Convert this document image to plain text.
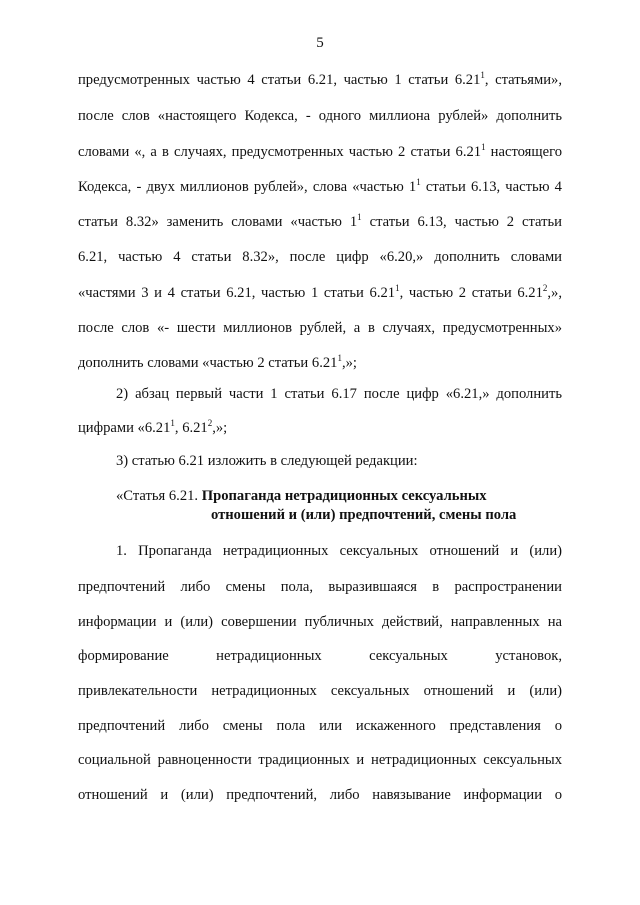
5
предусмотренных частью 4 статьи 6.21, частью 1 статьи 6.21$^1$, статьями»,
после слов «настоящего Кодекса, - одного миллиона рублей» дополнить
словами «, а в случаях, предусмотренных частью 2 статьи 6.21$^1$ настоящего
Кодекса, - двух миллионов рублей», слова «частью $1^1$ статьи 6.13, частью 4
статьи 8.32» заменить словами «частью $1^1$ статьи 6.13, частью 2 статьи
6.21, частью 4 статьи 8.32», после цифр «6.20,» дополнить словами
«частями 3 и 4 статьи 6.21, частью 1 статьи 6.21$^1$, частью 2 статьи 6.21$^2$,»,
после слов «- шести миллионов рублей, а в случаях, предусмотренных»
дополнить словами «частью 2 статьи 6.21$^1$,»;
2) абзац первый части 1 статьи 6.17 после цифр «6.21,» дополнить
цифрами «6.21$^1$, 6.21$^2$,»;
3) статью 6.21 изложить в следующей редакции:
«Статья 6.21. Пропаганда нетрадиционных сексуальных
отношений и (или) предпочтений, смены пола
1. Пропаганда нетрадиционных сексуальных отношений и (или)
предпочтений либо смены пола, выразившаяся в распространении
информации и (или) совершении публичных действий, направленных на
формирование нетрадиционных сексуальных установок,
привлекательности нетрадиционных сексуальных отношений и (или)
предпочтений либо смены пола или искаженного представления о
социальной равноценности традиционных и нетрадиционных сексуальных
отношений и (или) предпочтений, либо навязывание информации о
